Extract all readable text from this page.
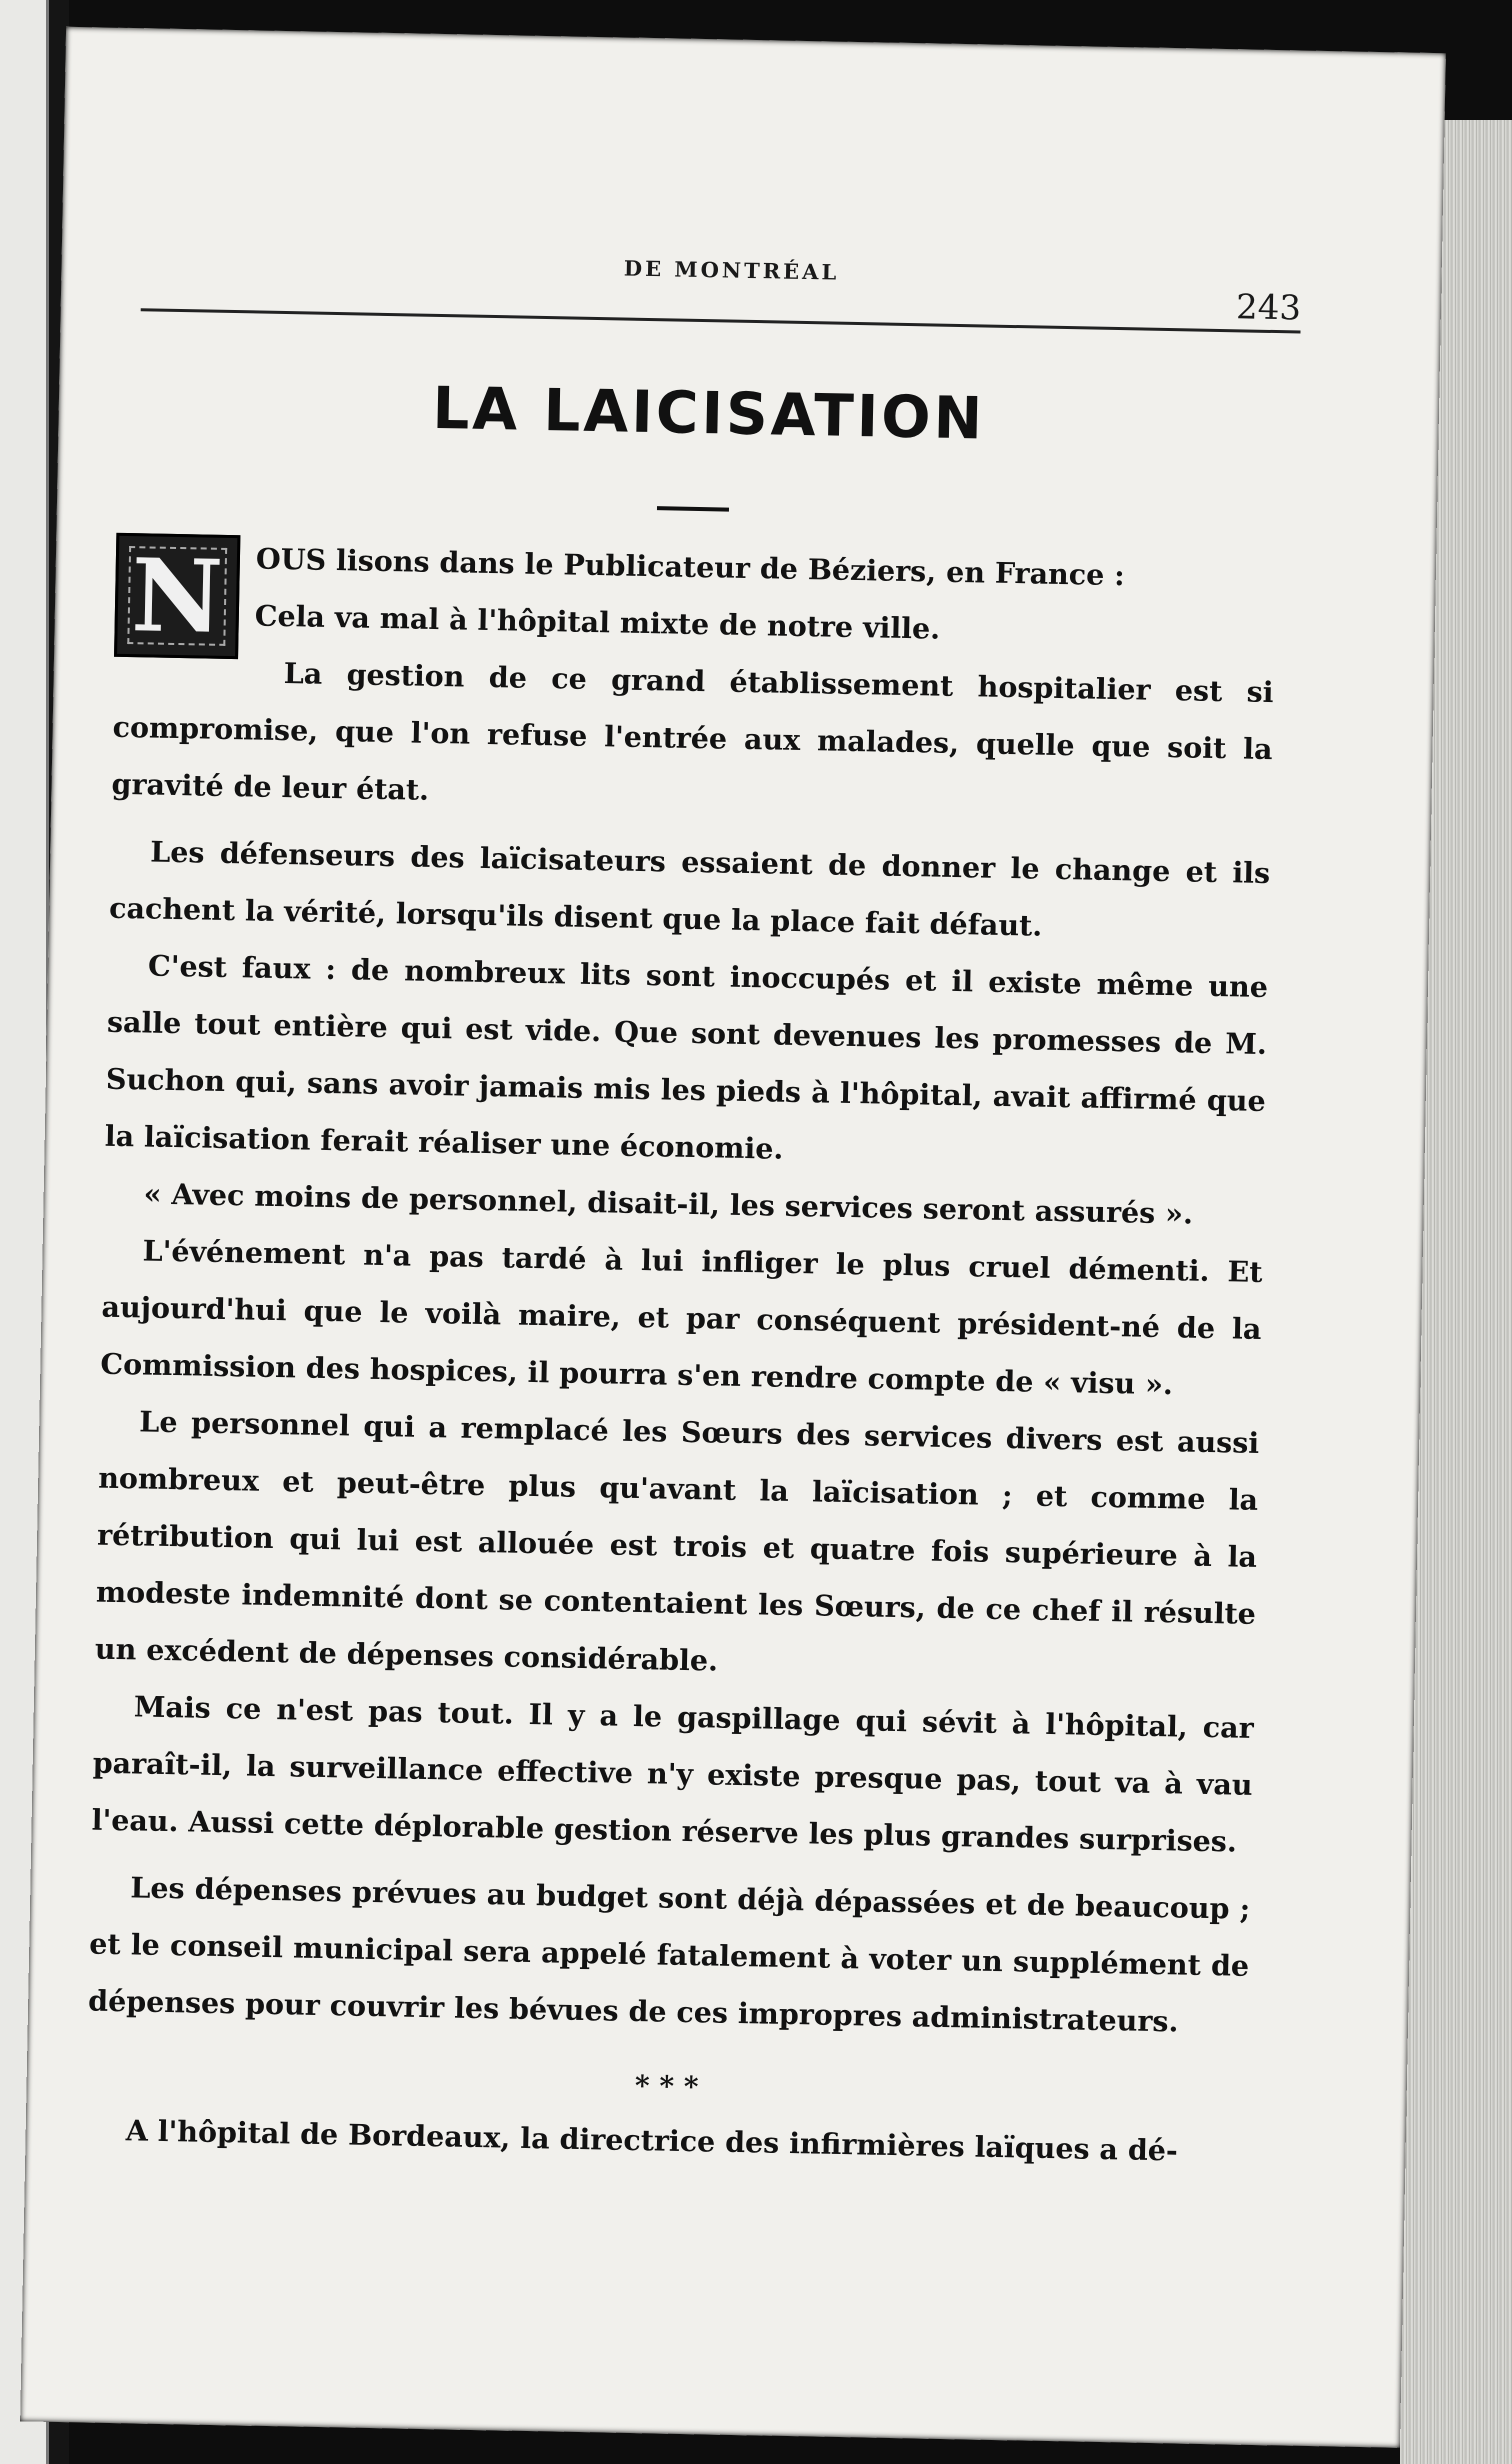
DE MONTRÉAL
243
LA LAICISATION
N	OUS lisons dans le Publicateur de Béziers, en France :

Cela va mal à l'hôpital mixte de notre ville.

La gestion de ce grand établissement hospitalier est si compromise, que l'on refuse l'entrée aux malades, quelle que soit la gravité de leur état.

Les défenseurs des laïcisateurs essaient de donner le change et ils cachent la vérité, lorsqu'ils disent que la place fait défaut.

C'est faux : de nombreux lits sont inoccupés et il existe même une salle tout entière qui est vide. Que sont devenues les promesses de M. Suchon qui, sans avoir jamais mis les pieds à l'hôpital, avait affirmé que la laïcisation ferait réaliser une économie.

« Avec moins de personnel, disait-il, les services seront assurés ».

L'événement n'a pas tardé à lui infliger le plus cruel démenti. Et aujourd'hui que le voilà maire, et par conséquent président-né de la Commission des hospices, il pourra s'en rendre compte de « visu ».

Le personnel qui a remplacé les Sœurs des services divers est aussi nombreux et peut-être plus qu'avant la laïcisation ; et comme la rétribution qui lui est allouée est trois et quatre fois supérieure à la modeste indemnité dont se contentaient les Sœurs, de ce chef il résulte un excédent de dépenses considérable.

Mais ce n'est pas tout. Il y a le gaspillage qui sévit à l'hôpital, car paraît-il, la surveillance effective n'y existe presque pas, tout va à vau l'eau. Aussi cette déplorable gestion réserve les plus grandes surprises.

Les dépenses prévues au budget sont déjà dépassées et de beaucoup ; et le conseil municipal sera appelé fatalement à voter un supplément de dépenses pour couvrir les bévues de ces impropres administrateurs.

* * *

A l'hôpital de Bordeaux, la directrice des infirmières laïques a dé-
